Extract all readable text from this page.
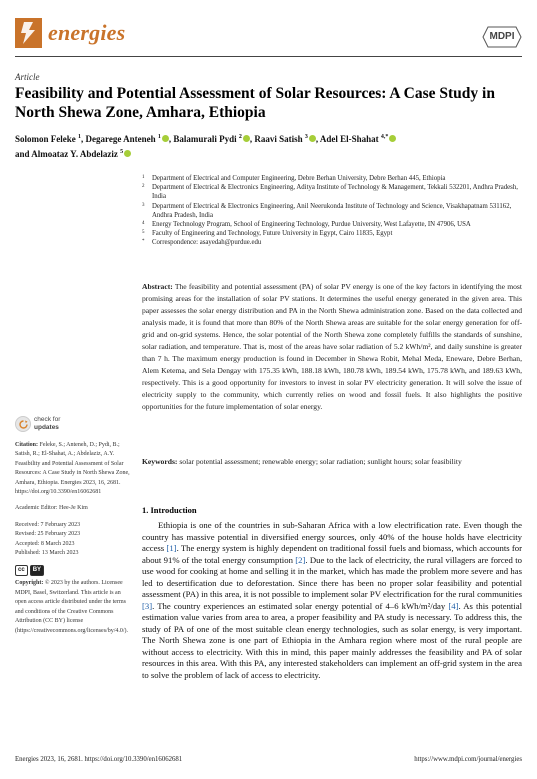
energies	MDPI
Article
Feasibility and Potential Assessment of Solar Resources: A Case Study in North Shewa Zone, Amhara, Ethiopia
Solomon Feleke $^1$, Degarege Anteneh $^1$ , Balamurali Pydi $^2$ , Raavi Satish $^3$ , Adel El-Shahat $^{4,*}$
and Almoataz Y. Abdelaziz $^5$
1 Department of Electrical and Computer Engineering, Debre Berhan University, Debre Berhan 445, Ethiopia
2 Department of Electrical & Electronics Engineering, Aditya Institute of Technology & Management, Tekkali 532201, Andhra Pradesh, India
3 Department of Electrical & Electronics Engineering, Anil Neerukonda Institute of Technology and Science, Visakhapatnam 531162, Andhra Pradesh, India
4 Energy Technology Program, School of Engineering Technology, Purdue University, West Lafayette, IN 47906, USA
5 Faculty of Engineering and Technology, Future University in Egypt, Cairo 11835, Egypt
* Correspondence: asayedah@purdue.edu
Abstract: The feasibility and potential assessment (PA) of solar PV energy is one of the key factors in identifying the most promising areas for the installation of solar PV stations. It determines the useful energy generated in the given area. This paper assesses the solar energy distribution and PA in the North Shewa administration zone. Based on the data collected and analysis made, it is found that more than 80% of the North Shewa areas are suitable for the solar energy generation for off-grid and on-grid systems. Hence, the solar potential of the North Shewa zone completely fulfills the standards of sunshine, solar radiation, and temperature. That is, most of the areas have solar radiation of 5.2 kWh/m², and daily sunshine is greater than 7 h. The maximum energy production is found in December in Shewa Robit, Mehal Meda, Eneware, Debre Berhan, Alem Ketema, and Sela Dengay with 175.35 kWh, 188.18 kWh, 180.78 kWh, 189.54 kWh, 175.78 kWh, and 189.63 kWh, respectively. This is a good opportunity for investors to invest in solar PV electricity generation. It will solve the issue of electricity supply to the community, which currently relies on wood and fossil fuels. It also highlights the positive opportunities for the future implementation of solar energy.
Keywords: solar potential assessment; renewable energy; solar radiation; sunlight hours; solar feasibility
check for
updates
Citation: Feleke, S.; Anteneh, D.; Pydi, B.; Satish, R.; El-Shahat, A.; Abdelaziz, A.Y. Feasibility and Potential Assessment of Solar Resources: A Case Study in North Shewa Zone, Amhara, Ethiopia. Energies 2023, 16, 2681. https://doi.org/10.3390/en16062681
Academic Editor: Hee-Je Kim
Received: 7 February 2023
Revised: 25 February 2023
Accepted: 8 March 2023
Published: 13 March 2023
cc	BY
Copyright: © 2023 by the authors. Licensee MDPI, Basel, Switzerland. This article is an open access article distributed under the terms and conditions of the Creative Commons Attribution (CC BY) license (https://creativecommons.org/licenses/by/4.0/).
1. Introduction
Ethiopia is one of the countries in sub-Saharan Africa with a low electrification rate. Even though the country has massive potential in diversified energy sources, only 40% of the house holds have electricity access [1]. The energy system is highly dependent on traditional fossil fuels and biomass, which accounts for about 91% of the total energy consumption [2]. Due to the lack of electricity, the rural villagers are forced to use wood for cooking at home and selling it in the market, which has made the problem more severe and has led to desertification due to deforestation. Since there has been no proper solar feasibility and potential assessment (PA) in this area, it is not possible to implement solar PV electrification for the rural communities [3]. The country experiences an estimated solar energy potential of 4–6 kWh/m²/day [4]. As this potential estimation value varies from area to area, a proper feasibility and PA study is necessary. To address this, the study of PA of one of the most suitable clean energy technologies, such as solar energy, is very important. The North Shewa zone is one part of Ethiopia in the Amhara region where most of the rural people are without access to electricity. With this in mind, this paper mainly addresses the feasibility and PA of solar resources in this area. With this PA, any interested stakeholders can implement an off-grid system in the area to solve the problem of lack of access to electricity.
Energies 2023, 16, 2681. https://doi.org/10.3390/en16062681	https://www.mdpi.com/journal/energies
